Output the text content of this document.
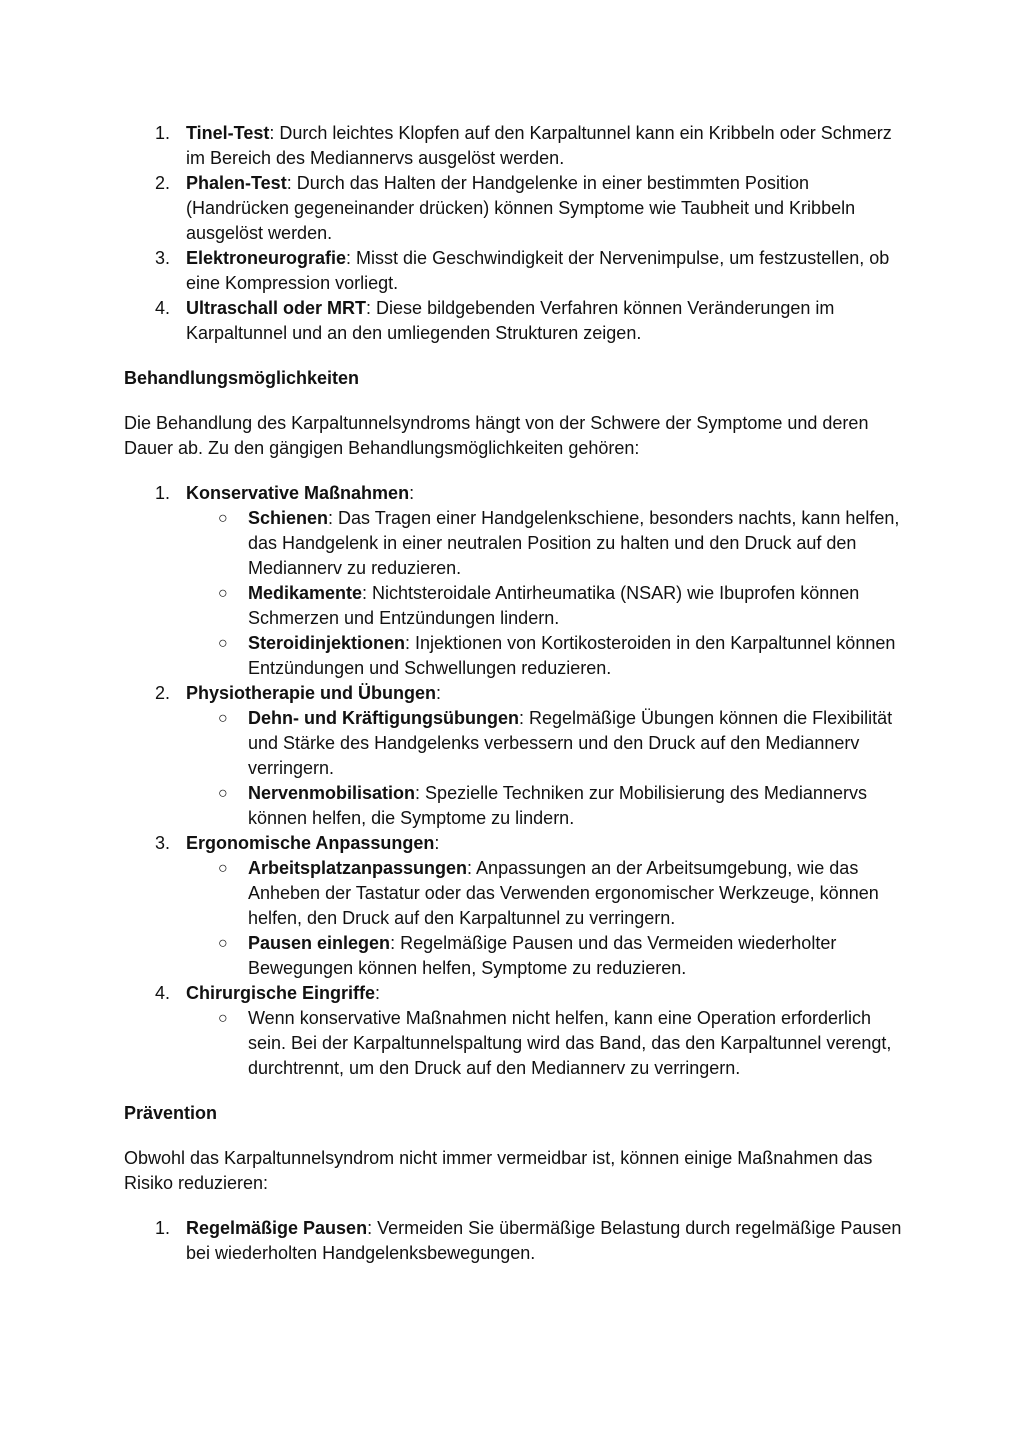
1. Tinel-Test: Durch leichtes Klopfen auf den Karpaltunnel kann ein Kribbeln oder Schmerz im Bereich des Mediannervs ausgelöst werden.
2. Phalen-Test: Durch das Halten der Handgelenke in einer bestimmten Position (Handrücken gegeneinander drücken) können Symptome wie Taubheit und Kribbeln ausgelöst werden.
3. Elektroneurografie: Misst die Geschwindigkeit der Nervenimpulse, um festzustellen, ob eine Kompression vorliegt.
4. Ultraschall oder MRT: Diese bildgebenden Verfahren können Veränderungen im Karpaltunnel und an den umliegenden Strukturen zeigen.

Behandlungsmöglichkeiten

Die Behandlung des Karpaltunnelsyndroms hängt von der Schwere der Symptome und deren Dauer ab. Zu den gängigen Behandlungsmöglichkeiten gehören:

1. Konservative Maßnahmen:
○ Schienen: Das Tragen einer Handgelenkschiene, besonders nachts, kann helfen, das Handgelenk in einer neutralen Position zu halten und den Druck auf den Mediannerv zu reduzieren.
○ Medikamente: Nichtsteroidale Antirheumatika (NSAR) wie Ibuprofen können Schmerzen und Entzündungen lindern.
○ Steroidinjektionen: Injektionen von Kortikosteroiden in den Karpaltunnel können Entzündungen und Schwellungen reduzieren.
2. Physiotherapie und Übungen:
○ Dehn- und Kräftigungsübungen: Regelmäßige Übungen können die Flexibilität und Stärke des Handgelenks verbessern und den Druck auf den Mediannerv verringern.
○ Nervenmobilisation: Spezielle Techniken zur Mobilisierung des Mediannervs können helfen, die Symptome zu lindern.
3. Ergonomische Anpassungen:
○ Arbeitsplatzanpassungen: Anpassungen an der Arbeitsumgebung, wie das Anheben der Tastatur oder das Verwenden ergonomischer Werkzeuge, können helfen, den Druck auf den Karpaltunnel zu verringern.
○ Pausen einlegen: Regelmäßige Pausen und das Vermeiden wiederholter Bewegungen können helfen, Symptome zu reduzieren.
4. Chirurgische Eingriffe:
○ Wenn konservative Maßnahmen nicht helfen, kann eine Operation erforderlich sein. Bei der Karpaltunnelspaltung wird das Band, das den Karpaltunnel verengt, durchtrennt, um den Druck auf den Mediannerv zu verringern.

Prävention

Obwohl das Karpaltunnelsyndrom nicht immer vermeidbar ist, können einige Maßnahmen das Risiko reduzieren:

1. Regelmäßige Pausen: Vermeiden Sie übermäßige Belastung durch regelmäßige Pausen bei wiederholten Handgelenksbewegungen.
